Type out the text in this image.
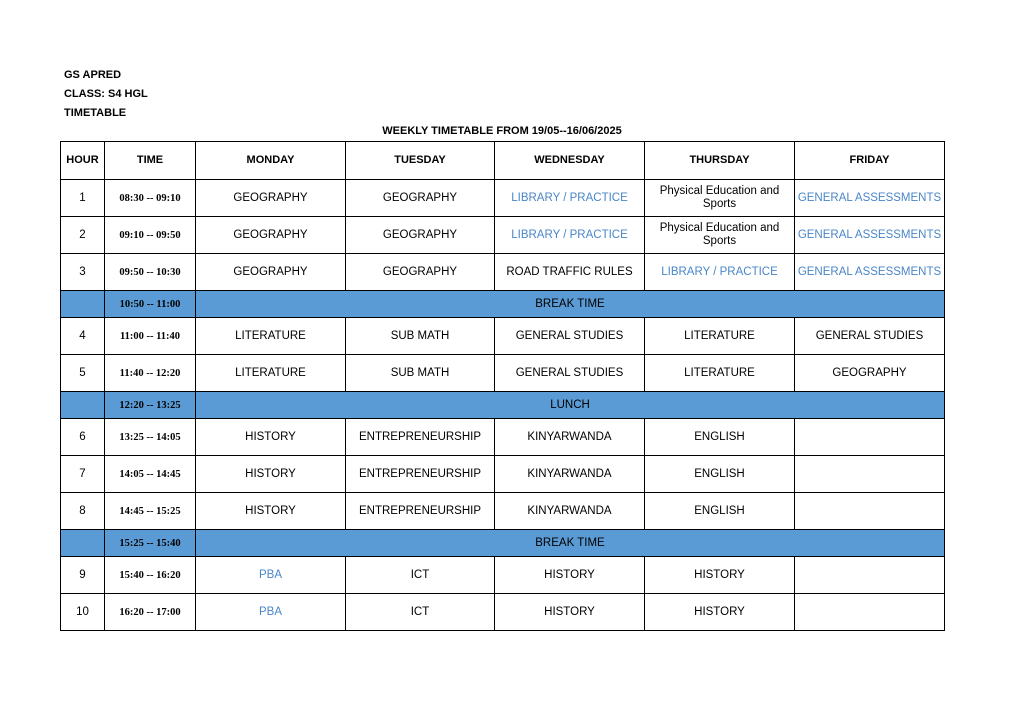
GS APRED
CLASS: S4 HGL
TIMETABLE
WEEKLY TIMETABLE FROM 19/05--16/06/2025
HOUR	TIME	MONDAY	TUESDAY	WEDNESDAY	THURSDAY	FRIDAY
1	08:30 -- 09:10	GEOGRAPHY	GEOGRAPHY	LIBRARY / PRACTICE	Physical Education and Sports	GENERAL ASSESSMENTS
2	09:10 -- 09:50	GEOGRAPHY	GEOGRAPHY	LIBRARY / PRACTICE	Physical Education and Sports	GENERAL ASSESSMENTS
3	09:50 -- 10:30	GEOGRAPHY	GEOGRAPHY	ROAD TRAFFIC RULES	LIBRARY / PRACTICE	GENERAL ASSESSMENTS
	10:50 -- 11:00	BREAK TIME				
4	11:00 -- 11:40	LITERATURE	SUB MATH	GENERAL STUDIES	LITERATURE	GENERAL STUDIES
5	11:40 -- 12:20	LITERATURE	SUB MATH	GENERAL STUDIES	LITERATURE	GEOGRAPHY
	12:20 -- 13:25	LUNCH				
6	13:25 -- 14:05	HISTORY	ENTREPRENEURSHIP	KINYARWANDA	ENGLISH	
7	14:05 -- 14:45	HISTORY	ENTREPRENEURSHIP	KINYARWANDA	ENGLISH	
8	14:45 -- 15:25	HISTORY	ENTREPRENEURSHIP	KINYARWANDA	ENGLISH	
	15:25 -- 15:40	BREAK TIME				
9	15:40 -- 16:20	PBA	ICT	HISTORY	HISTORY	
10	16:20 -- 17:00	PBA	ICT	HISTORY	HISTORY	
